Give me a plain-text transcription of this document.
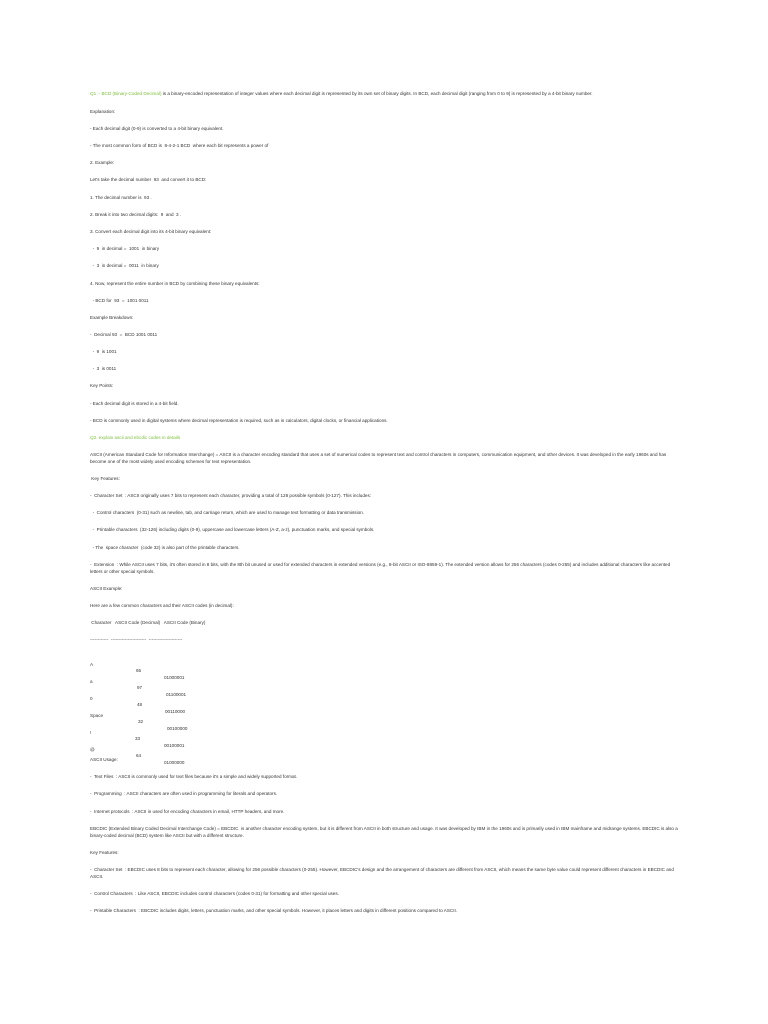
Q1 :- BCD (Binary-Coded Decimal) is a binary-encoded representation of integer values where each decimal digit is represented by its own set of binary digits. In BCD, each decimal digit (ranging from 0 to 9) is represented by a 4-bit binary number.
Explanation:
- Each decimal digit (0-9) is converted to a 4-bit binary equivalent.
- The most common form of BCD is  8-4-2-1 BCD  where each bit represents a power of
2. Example:
Let's take the decimal number  93  and convert it to BCD:
1. The decimal number is  93 .
2. Break it into two decimal digits:  9  and  3 .
3. Convert each decimal digit into its 4-bit binary equivalent:
-  9  in decimal =  1001  in binary
-  3  in decimal =  0011  in binary
4. Now, represent the entire number in BCD by combining these binary equivalents:
- BCD for  93  =  1001 0011
Example Breakdown:
-  Decimal 93  =  BCD 1001 0011
-  9  is 1001
-  3  is 0011
Key Points:
- Each decimal digit is stored in a 4-bit field.
- BCD is commonly used in digital systems where decimal representation is required, such as in calculators, digital clocks, or financial applications.
Q2. explain ascii and ebcdic codes in details
ASCII (American Standard Code for Information Interchange) = ASCII is a character encoding standard that uses a set of numerical codes to represent text and control characters in computers, communication equipment, and other devices. It was developed in the early 1960s and has become one of the most widely used encoding schemes for text representation.
Key Features:
-  Character Set  : ASCII originally uses 7 bits to represent each character, providing a total of 128 possible symbols (0-127). This includes:
-  Control characters  (0-31) such as newline, tab, and carriage return, which are used to manage text formatting or data transmission.
-  Printable characters  (32-126) including digits (0-9), uppercase and lowercase letters (A-Z, a-z), punctuation marks, and special symbols.
- The  space character  (code 32) is also part of the printable characters.
-  Extension  : While ASCII uses 7 bits, it's often stored in 8 bits, with the 8th bit unused or used for extended characters in extended versions (e.g., 8-bit ASCII or ISO-8859-1). The extended version allows for 256 characters (codes 0-255) and includes additional characters like accented letters or other special symbols.
ASCII Example:
Here are a few common characters and their ASCII codes (in decimal):
Character   ASCII Code (Decimal)   ASCII Code (Binary)
------------  -----------------------  ----------------------

A

65

01000001

a

97

01100001

0

48

00110000

Space

32

00100000

!

33

00100001

@

64

01000000

ASCII Usage:
-  Text Files  : ASCII is commonly used for text files because it's a simple and widely supported format.
-  Programming  : ASCII characters are often used in programming for literals and operators.
-  Internet protocols  : ASCII in used for encoding characters in email, HTTP headers, and more.
EBCDIC (Extended Binary Coded Decimal Interchange Code) = EBCDIC  is another character encoding system, but it is different from ASCII in both structure and usage. It was developed by IBM in the 1960s and is primarily used in IBM mainframe and midrange systems. EBCDIC is also a binary-coded decimal (BCD) system like ASCII but with a different structure.
Key Features:
-  Character Set  : EBCDIC uses 8 bits to represent each character, allowing for 256 possible characters (0-255). However, EBCDIC's design and the arrangement of characters are different from ASCII, which means the same byte value could represent different characters in EBCDIC and ASCII.
-  Control Characters  : Like ASCII, EBCDIC includes control characters (codes 0-31) for formatting and other special uses.
-  Printable Characters  : EBCDIC includes digits, letters, punctuation marks, and other special symbols. However, it places letters and digits in different positions compared to ASCII.
